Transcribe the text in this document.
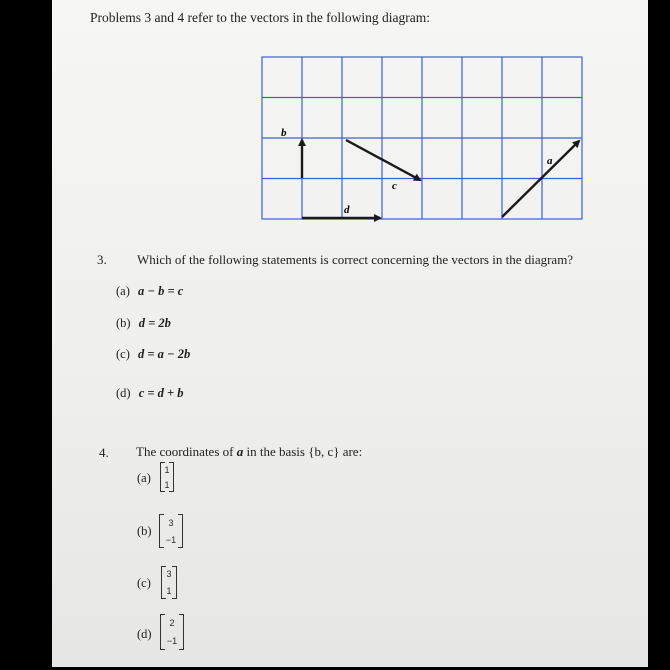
Problems 3 and 4 refer to the vectors in the following diagram:
b
c
d
a
3. Which of the following statements is correct concerning the vectors in the diagram?
(a) a − b = c
(b) d = 2b
(c) d = a − 2b
(d) c = d + b
4. The coordinates of a in the basis {b, c} are:
(a)
1
1
(b)
3
−1
(c)
3
1
(d)
2
−1
